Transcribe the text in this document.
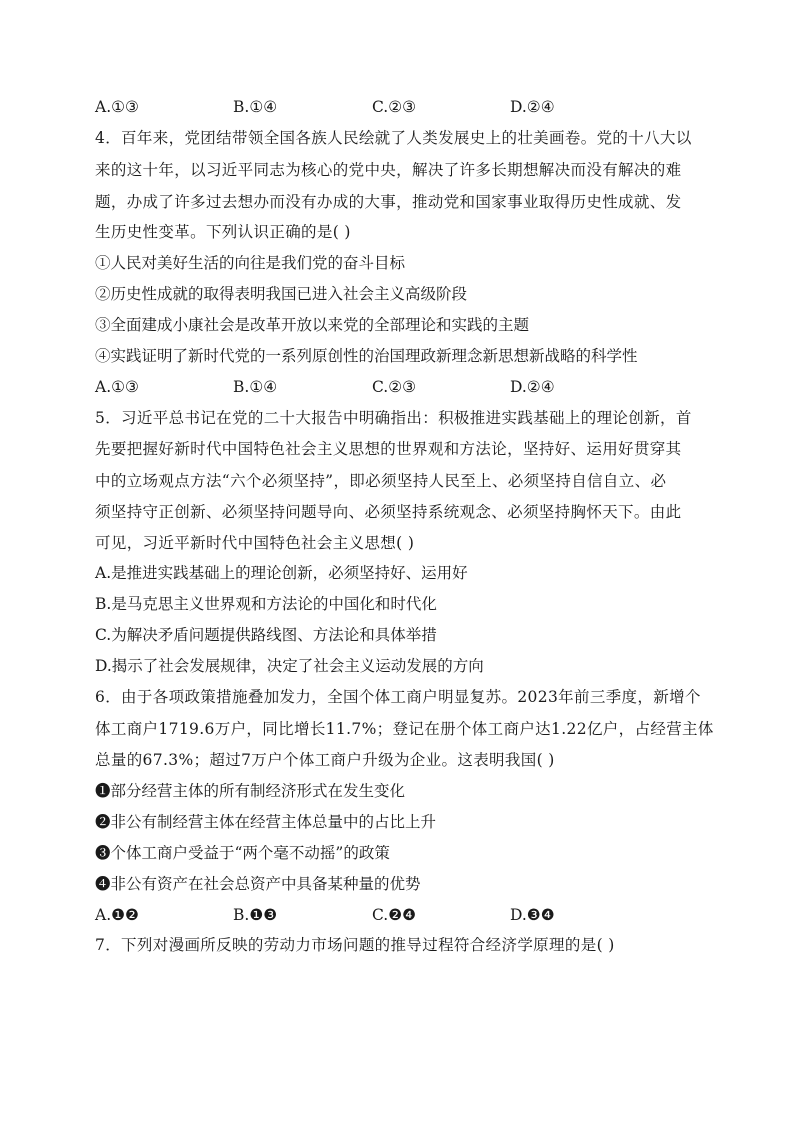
A.①③	B.①④	C.②③	D.②④
4．百年来，党团结带领全国各族人民绘就了人类发展史上的壮美画卷。党的十八大以
来的这十年，以习近平同志为核心的党中央，解决了许多长期想解决而没有解决的难
题，办成了许多过去想办而没有办成的大事，推动党和国家事业取得历史性成就、发
生历史性变革。下列认识正确的是( )
①人民对美好生活的向往是我们党的奋斗目标
②历史性成就的取得表明我国已进入社会主义高级阶段
③全面建成小康社会是改革开放以来党的全部理论和实践的主题
④实践证明了新时代党的一系列原创性的治国理政新理念新思想新战略的科学性
A.①③	B.①④	C.②③	D.②④
5．习近平总书记在党的二十大报告中明确指出：积极推进实践基础上的理论创新，首
先要把握好新时代中国特色社会主义思想的世界观和方法论，坚持好、运用好贯穿其
中的立场观点方法“六个必须坚持”，即必须坚持人民至上、必须坚持自信自立、必
须坚持守正创新、必须坚持问题导向、必须坚持系统观念、必须坚持胸怀天下。由此
可见，习近平新时代中国特色社会主义思想( )
A.是推进实践基础上的理论创新，必须坚持好、运用好
B.是马克思主义世界观和方法论的中国化和时代化
C.为解决矛盾问题提供路线图、方法论和具体举措
D.揭示了社会发展规律，决定了社会主义运动发展的方向
6．由于各项政策措施叠加发力，全国个体工商户明显复苏。2023年前三季度，新增个
体工商户1719.6万户，同比增长11.7%；登记在册个体工商户达1.22亿户，占经营主体
总量的67.3%；超过7万户个体工商户升级为企业。这表明我国( )
❶部分经营主体的所有制经济形式在发生变化
❷非公有制经营主体在经营主体总量中的占比上升
❸个体工商户受益于“两个毫不动摇”的政策
❹非公有资产在社会总资产中具备某种量的优势
A.❶❷	B.❶❸	C.❷❹	D.❸❹
7．下列对漫画所反映的劳动力市场问题的推导过程符合经济学原理的是( )
